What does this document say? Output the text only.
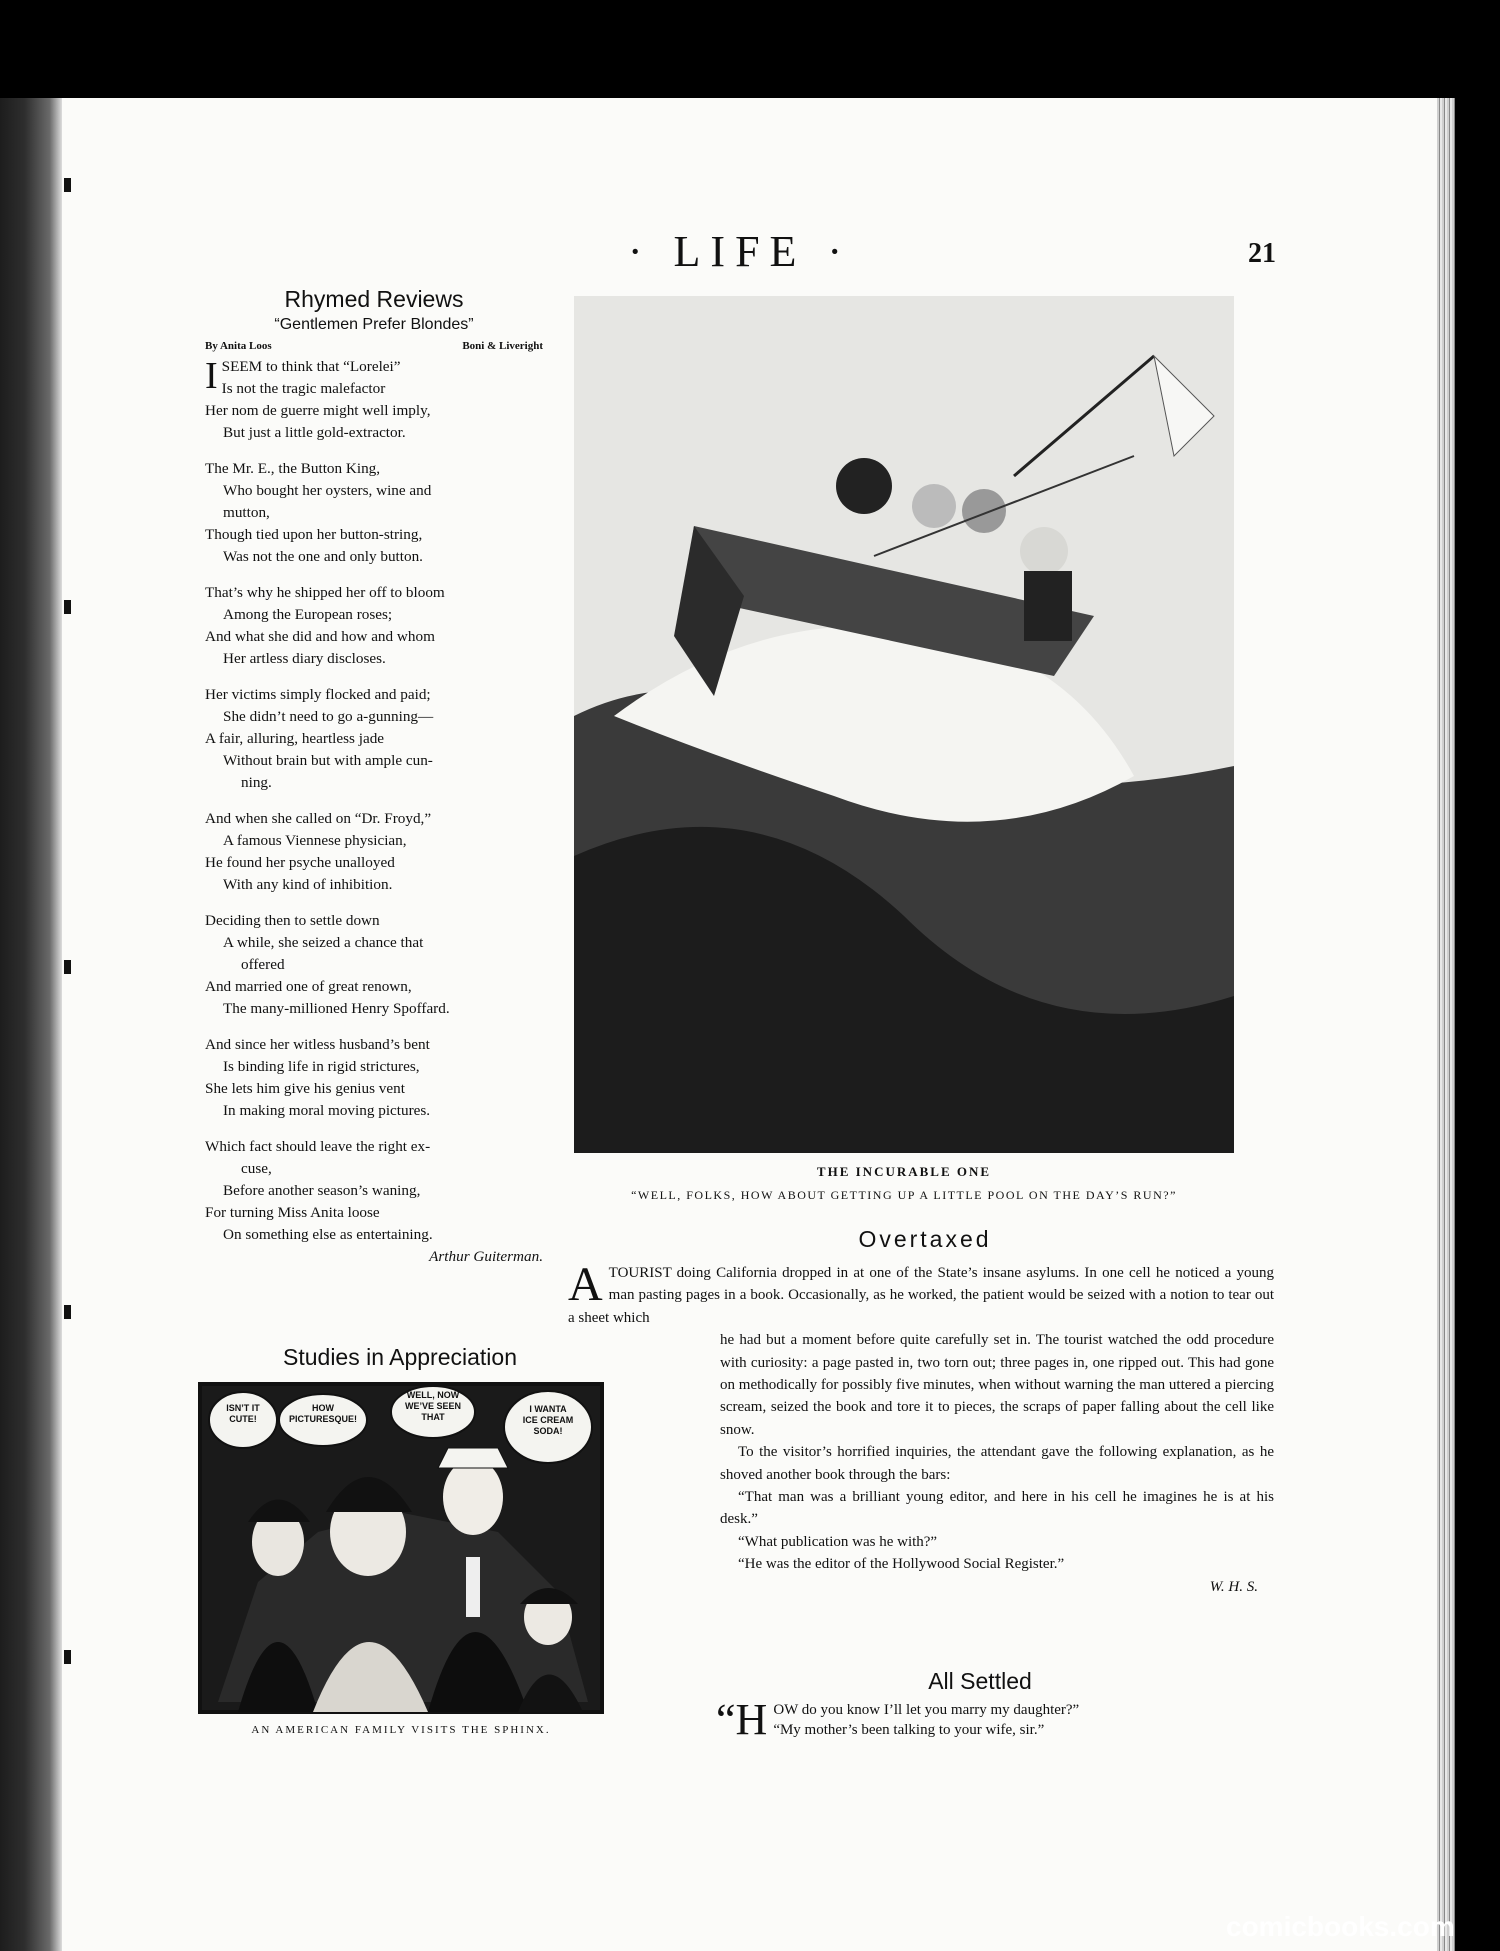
· LIFE ·	21
Rhymed Reviews
“Gentlemen Prefer Blondes”
By Anita Loos	Boni & Liveright
I SEEM to think that “Lorelei”

Is not the tragic malefactor

Her nom de guerre might well imply,

But just a little gold-extractor.

The Mr. E., the Button King,

Who bought her oysters, wine and

mutton,

Though tied upon her button-string,

Was not the one and only button.

That’s why he shipped her off to bloom

Among the European roses;

And what she did and how and whom

Her artless diary discloses.

Her victims simply flocked and paid;

She didn’t need to go a-gunning—

A fair, alluring, heartless jade

Without brain but with ample cun-

ning.

And when she called on “Dr. Froyd,”

A famous Viennese physician,

He found her psyche unalloyed

With any kind of inhibition.

Deciding then to settle down

A while, she seized a chance that

offered

And married one of great renown,

The many-millioned Henry Spoffard.

And since her witless husband’s bent

Is binding life in rigid strictures,

She lets him give his genius vent

In making moral moving pictures.

Which fact should leave the right ex-

cuse,

Before another season’s waning,

For turning Miss Anita loose

On something else as entertaining.

Arthur Guiterman.

Studies in Appreciation
ISN’T IT CUTE!
HOW PICTURESQUE!
WELL, NOW WE’VE SEEN THAT
I WANTA ICE CREAM SODA!
AN AMERICAN FAMILY VISITS THE SPHINX.
THE INCURABLE ONE
“WELL, FOLKS, HOW ABOUT GETTING UP A LITTLE POOL ON THE DAY’S RUN?”
Overtaxed

ATOURIST doing California dropped in at one of the State’s insane asylums. In one cell he noticed a young man pasting pages in a book. Occasionally, as he worked, the patient would be seized with a notion to tear out a sheet which

he had but a moment before quite carefully set in. The tourist watched the odd procedure with curiosity: a page pasted in, two torn out; three pages in, one ripped out. This had gone on methodically for possibly five minutes, when without warning the man uttered a piercing scream, seized the book and tore it to pieces, the scraps of paper falling about the cell like snow.

To the visitor’s horrified inquiries, the attendant gave the following explanation, as he shoved another book through the bars:

“That man was a brilliant young editor, and here in his cell he imagines he is at his desk.”

“What publication was he with?”

“He was the editor of the Hollywood Social Register.”

W. H. S.

All Settled
“H OW do you know I’ll let you marry my daughter?”

“My mother’s been talking to your wife, sir.”

comicbooks.com
